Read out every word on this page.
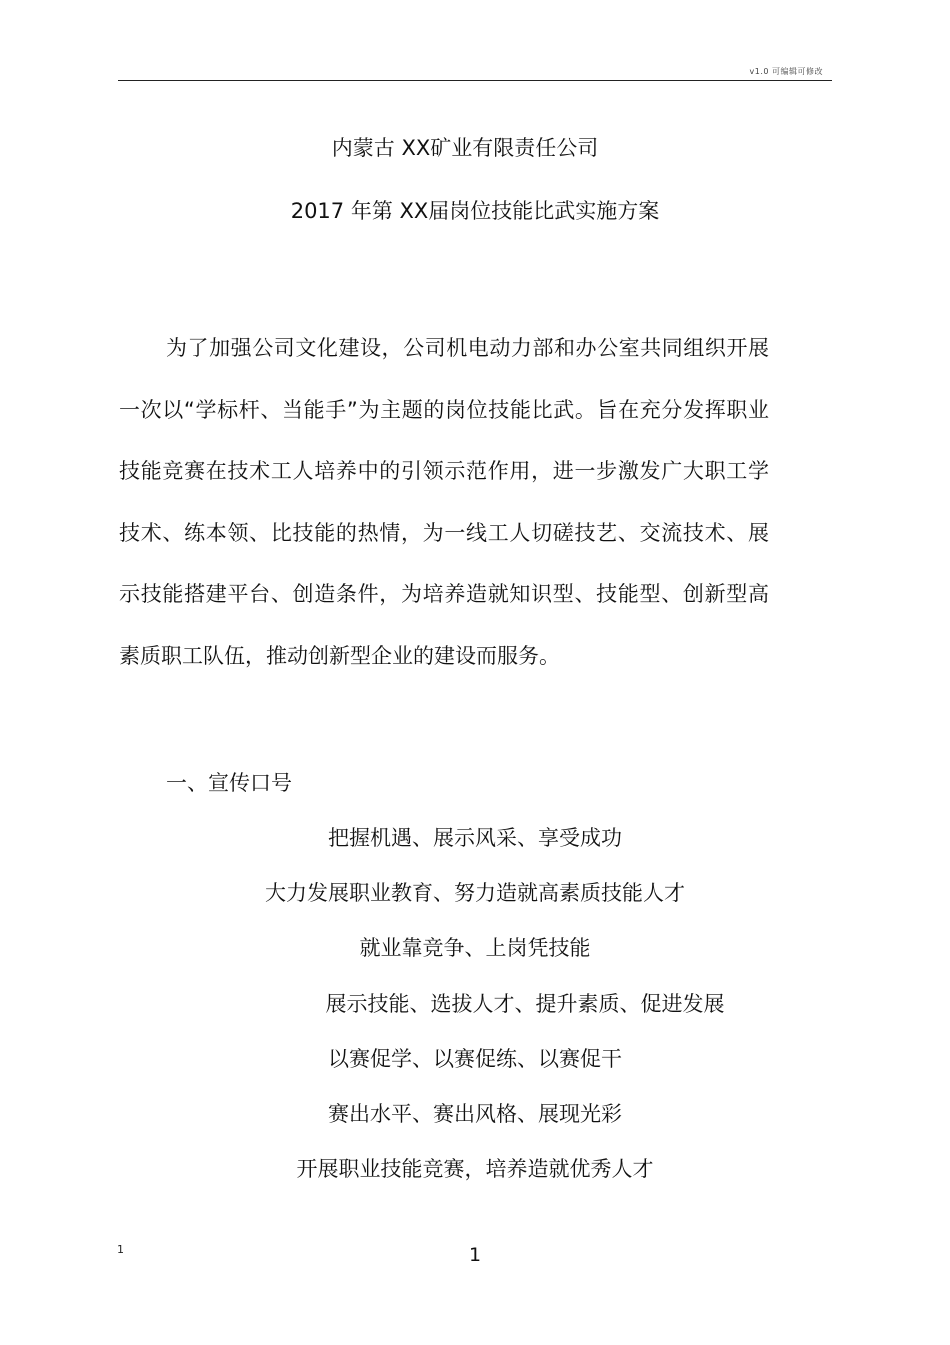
v1.0 可编辑可修改
内蒙古 XX矿业有限责任公司
2017 年第 XX届岗位技能比武实施方案

为了加强公司文化建设，公司机电动力部和办公室共同组织开展一次以“学标杆、当能手”为主题的岗位技能比武。旨在充分发挥职业技能竞赛在技术工人培养中的引领示范作用，进一步激发广大职工学技术、练本领、比技能的热情，为一线工人切磋技艺、交流技术、展示技能搭建平台、创造条件，为培养造就知识型、技能型、创新型高素质职工队伍，推动创新型企业的建设而服务。

一、宣传口号

把握机遇、展示风采、享受成功

大力发展职业教育、努力造就高素质技能人才

就业靠竞争、上岗凭技能

展示技能、选拔人才、提升素质、促进发展

以赛促学、以赛促练、以赛促干

赛出水平、赛出风格、展现光彩

开展职业技能竞赛，培养造就优秀人才

1	1
